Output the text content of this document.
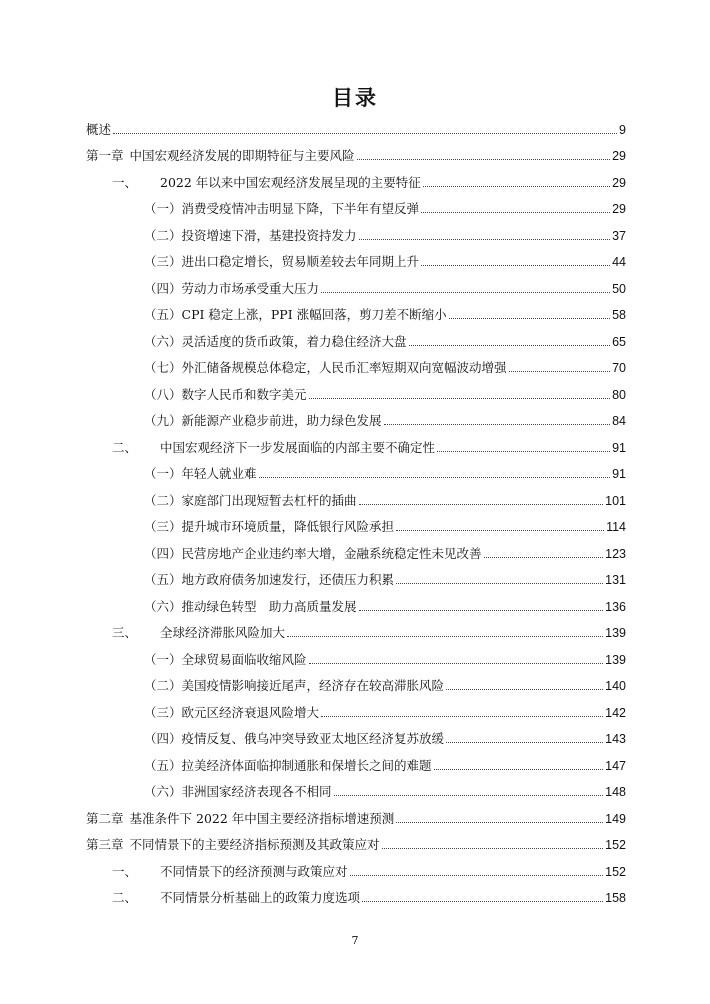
目录
概述	9
第一章 中国宏观经济发展的即期特征与主要风险	29
一、	2022 年以来中国宏观经济发展呈现的主要特征	29
（一） 消费受疫情冲击明显下降，下半年有望反弹	29
（二） 投资增速下滑，基建投资持发力	37
（三） 进出口稳定增长，贸易顺差较去年同期上升	44
（四） 劳动力市场承受重大压力	50
（五） CPI 稳定上涨，PPI 涨幅回落，剪刀差不断缩小	58
（六） 灵活适度的货币政策，着力稳住经济大盘	65
（七） 外汇储备规模总体稳定，人民币汇率短期双向宽幅波动增强	70
（八） 数字人民币和数字美元	80
（九） 新能源产业稳步前进，助力绿色发展	84
二、	中国宏观经济下一步发展面临的内部主要不确定性	91
（一） 年轻人就业难	91
（二） 家庭部门出现短暂去杠杆的插曲	101
（三） 提升城市环境质量，降低银行风险承担	114
（四） 民营房地产企业违约率大增，金融系统稳定性未见改善	123
（五） 地方政府债务加速发行，还债压力积累	131
（六） 推动绿色转型　助力高质量发展	136
三、	全球经济滞胀风险加大	139
（一） 全球贸易面临收缩风险	139
（二） 美国疫情影响接近尾声，经济存在较高滞胀风险	140
（三） 欧元区经济衰退风险增大	142
（四） 疫情反复、俄乌冲突导致亚太地区经济复苏放缓	143
（五） 拉美经济体面临抑制通胀和保增长之间的难题	147
（六） 非洲国家经济表现各不相同	148
第二章 基准条件下 2022 年中国主要经济指标增速预测	149
第三章 不同情景下的主要经济指标预测及其政策应对	152
一、	不同情景下的经济预测与政策应对	152
二、	不同情景分析基础上的政策力度选项	158
7
